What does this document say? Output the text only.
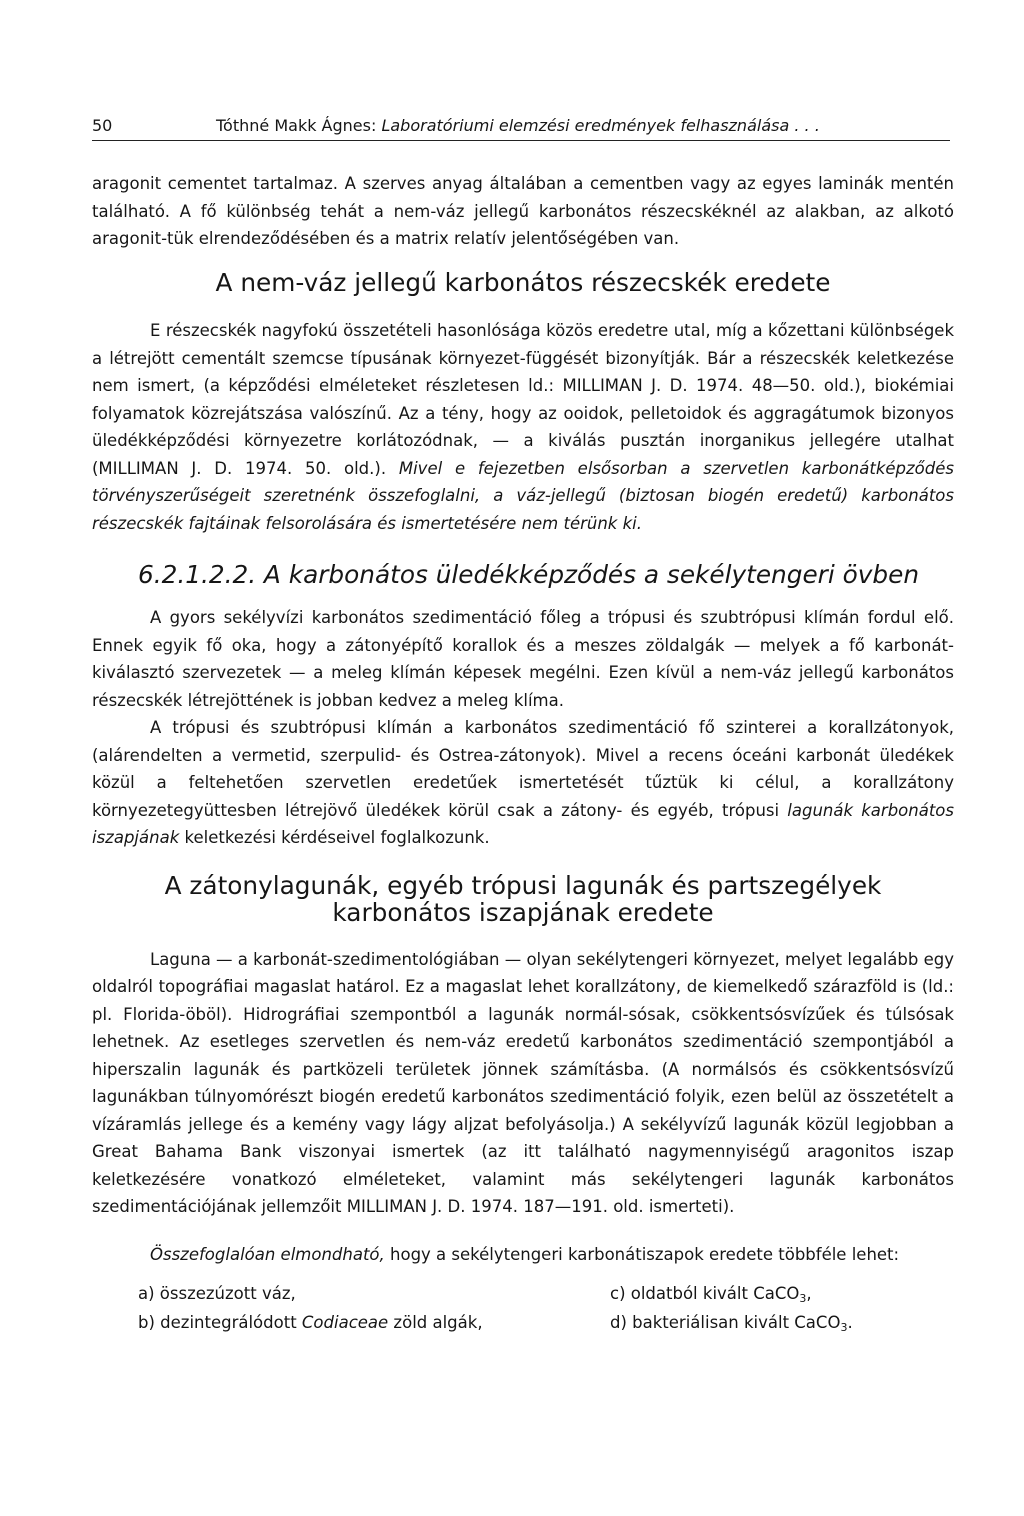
50	Tóthné Makk Ágnes: Laboratóriumi elemzési eredmények felhasználása . . .

aragonit cementet tartalmaz. A szerves anyag általában a cementben vagy az egyes laminák mentén található. A fő különbség tehát a nem-váz jellegű karbonátos részecskéknél az alakban, az alkotó aragonit-tük elrendeződésében és a matrix relatív jelentőségében van.

A nem-váz jellegű karbonátos részecskék eredete

E részecskék nagyfokú összetételi hasonlósága közös eredetre utal, míg a kőzettani különbségek a létrejött cementált szemcse típusának környezet-függését bizonyítják. Bár a részecskék keletkezése nem ismert, (a képződési elméleteket részletesen ld.: MILLIMAN J. D. 1974. 48—50. old.), biokémiai folyamatok közrejátszása valószínű. Az a tény, hogy az ooidok, pelletoidok és aggragátumok bizonyos üledékképződési környezetre korlátozódnak, — a kiválás pusztán inorganikus jellegére utalhat (MILLIMAN J. D. 1974. 50. old.). Mivel e fejezetben elsősorban a szervetlen karbonátképződés törvényszerűségeit szeretnénk összefoglalni, a váz-jellegű (biztosan biogén eredetű) karbonátos részecskék fajtáinak felsorolására és ismertetésére nem térünk ki.

6.2.1.2.2. A karbonátos üledékképződés a sekélytengeri övben

A gyors sekélyvízi karbonátos szedimentáció főleg a trópusi és szubtrópusi klímán fordul elő. Ennek egyik fő oka, hogy a zátonyépítő korallok és a meszes zöldalgák — melyek a fő karbonát-kiválasztó szervezetek — a meleg klímán képesek megélni. Ezen kívül a nem-váz jellegű karbonátos részecskék létrejöttének is jobban kedvez a meleg klíma.

A trópusi és szubtrópusi klímán a karbonátos szedimentáció fő szinterei a korallzátonyok, (alárendelten a vermetid, szerpulid- és Ostrea-zátonyok). Mivel a recens óceáni karbonát üledékek közül a feltehetően szervetlen eredetűek ismertetését tűztük ki célul, a korallzátony környezetegyüttesben létrejövő üledékek körül csak a zátony- és egyéb, trópusi lagunák karbonátos iszapjának keletkezési kérdéseivel foglalkozunk.

A zátonylagunák, egyéb trópusi lagunák és partszegélyek karbonátos iszapjának eredete

Laguna — a karbonát-szedimentológiában — olyan sekélytengeri környezet, melyet legalább egy oldalról topográfiai magaslat határol. Ez a magaslat lehet korallzátony, de kiemelkedő szárazföld is (ld.: pl. Florida-öböl). Hidrográfiai szempontból a lagunák normál-sósak, csökkentsósvízűek és túlsósak lehetnek. Az esetleges szervetlen és nem-váz eredetű karbonátos szedimentáció szempontjából a hiperszalin lagunák és partközeli területek jönnek számításba. (A normálsós és csökkentsósvízű lagunákban túlnyomórészt biogén eredetű karbonátos szedimentáció folyik, ezen belül az összetételt a vízáramlás jellege és a kemény vagy lágy aljzat befolyásolja.) A sekélyvízű lagunák közül legjobban a Great Bahama Bank viszonyai ismertek (az itt található nagymennyiségű aragonitos iszap keletkezésére vonatkozó elméleteket, valamint más sekélytengeri lagunák karbonátos szedimentációjának jellemzőit MILLIMAN J. D. 1974. 187—191. old. ismerteti).

Összefoglalóan elmondható, hogy a sekélytengeri karbonátiszapok eredete többféle lehet:

a) összezúzott váz,
b) dezintegrálódott Codiaceae zöld algák,
c) oldatból kivált CaCO$_3$,
d) bakteriálisan kivált CaCO$_3$.
